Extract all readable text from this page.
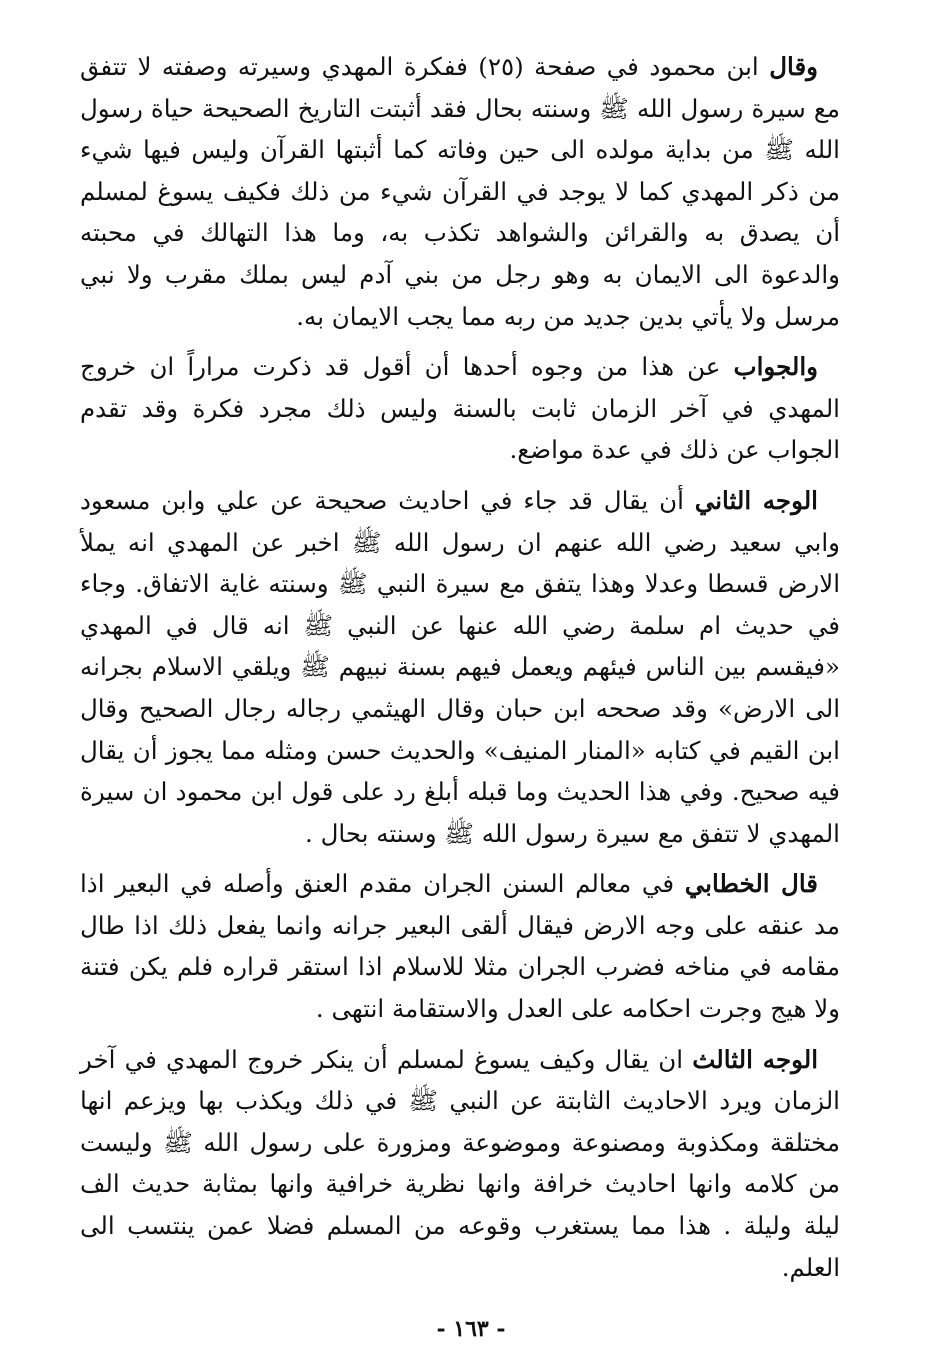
وقال ابن محمود في صفحة (٢٥) ففكرة المهدي وسيرته وصفته لا تتفق مع سيرة رسول الله ﷺ وسنته بحال فقد أثبتت التاريخ الصحيحة حياة رسول الله ﷺ من بداية مولده الى حين وفاته كما أثبتها القرآن وليس فيها شيء من ذكر المهدي كما لا يوجد في القرآن شيء من ذلك فكيف يسوغ لمسلم أن يصدق به والقرائن والشواهد تكذب به، وما هذا التهالك في محبته والدعوة الى الايمان به وهو رجل من بني آدم ليس بملك مقرب ولا نبي مرسل ولا يأتي بدين جديد من ربه مما يجب الايمان به.

والجواب عن هذا من وجوه أحدها أن أقول قد ذكرت مراراً ان خروج المهدي في آخر الزمان ثابت بالسنة وليس ذلك مجرد فكرة وقد تقدم الجواب عن ذلك في عدة مواضع.

الوجه الثاني أن يقال قد جاء في احاديث صحيحة عن علي وابن مسعود وابي سعيد رضي الله عنهم ان رسول الله ﷺ اخبر عن المهدي انه يملأ الارض قسطا وعدلا وهذا يتفق مع سيرة النبي ﷺ وسنته غاية الاتفاق. وجاء في حديث ام سلمة رضي الله عنها عن النبي ﷺ انه قال في المهدي «فيقسم بين الناس فيئهم ويعمل فيهم بسنة نبيهم ﷺ ويلقي الاسلام بجرانه الى الارض» وقد صححه ابن حبان وقال الهيثمي رجاله رجال الصحيح وقال ابن القيم في كتابه «المنار المنيف» والحديث حسن ومثله مما يجوز أن يقال فيه صحيح. وفي هذا الحديث وما قبله أبلغ رد على قول ابن محمود ان سيرة المهدي لا تتفق مع سيرة رسول الله ﷺ وسنته بحال .

قال الخطابي في معالم السنن الجران مقدم العنق وأصله في البعير اذا مد عنقه على وجه الارض فيقال ألقى البعير جرانه وانما يفعل ذلك اذا طال مقامه في مناخه فضرب الجران مثلا للاسلام اذا استقر قراره فلم يكن فتنة ولا هيج وجرت احكامه على العدل والاستقامة انتهى .

الوجه الثالث ان يقال وكيف يسوغ لمسلم أن ينكر خروج المهدي في آخر الزمان ويرد الاحاديث الثابتة عن النبي ﷺ في ذلك ويكذب بها ويزعم انها مختلقة ومكذوبة ومصنوعة وموضوعة ومزورة على رسول الله ﷺ وليست من كلامه وانها احاديث خرافة وانها نظرية خرافية وانها بمثابة حديث الف ليلة وليلة . هذا مما يستغرب وقوعه من المسلم فضلا عمن ينتسب الى العلم.

- ١٦٣ -
